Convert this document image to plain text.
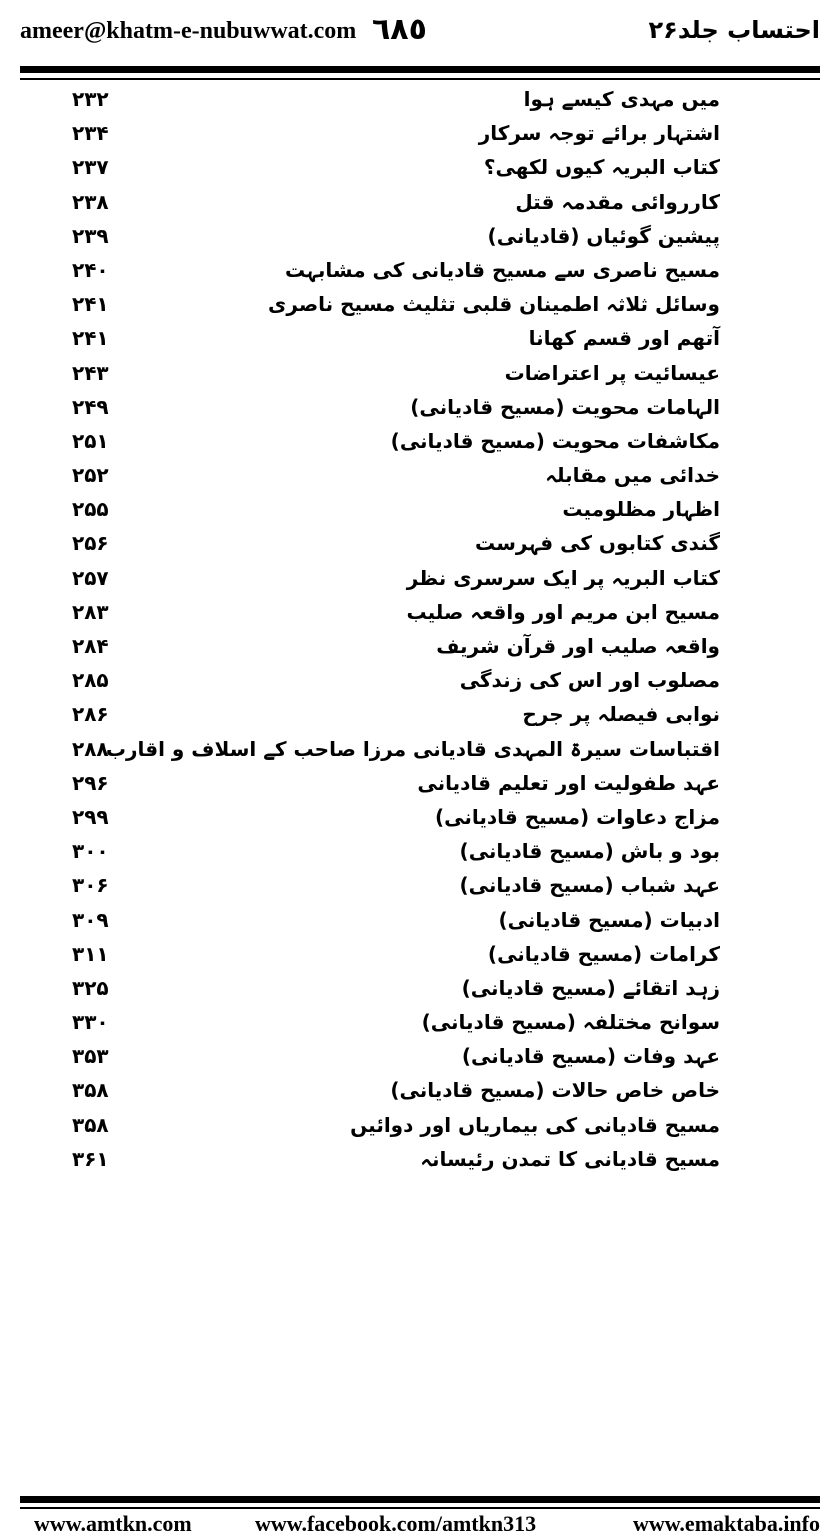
ameer@khatm-e-nubuwwat.com ٦٨٥	احتساب جلد۲۶
میں مہدی کیسے ہوا
۲۳۲
اشتہار برائے توجہ سرکار
۲۳۴
کتاب البریہ کیوں لکھی؟
۲۳۷
کارروائی مقدمہ قتل
۲۳۸
پیشین گوئیاں (قادیانی)
۲۳۹
مسیح ناصری سے مسیح قادیانی کی مشابہت
۲۴۰
وسائل ثلاثہ اطمینان قلبی تثلیث مسیح ناصری
۲۴۱
آتھم اور قسم کھانا
۲۴۱
عیسائیت پر اعتراضات
۲۴۳
الہامات محویت (مسیح قادیانی)
۲۴۹
مکاشفات محویت (مسیح قادیانی)
۲۵۱
خدائی میں مقابلہ
۲۵۲
اظہار مظلومیت
۲۵۵
گندی کتابوں کی فہرست
۲۵۶
کتاب البریہ پر ایک سرسری نظر
۲۵۷
مسیح ابن مریم اور واقعہ صلیب
۲۸۳
واقعہ صلیب اور قرآن شریف
۲۸۴
مصلوب اور اس کی زندگی
۲۸۵
نوابی فیصلہ پر جرح
۲۸۶
اقتباسات سیرۃ المہدی قادیانی مرزا صاحب کے اسلاف و اقارب
۲۸۸
عہد طفولیت اور تعلیم قادیانی
۲۹۶
مزاج دعاوات (مسیح قادیانی)
۲۹۹
بود و باش (مسیح قادیانی)
۳۰۰
عہد شباب (مسیح قادیانی)
۳۰۶
ادبیات (مسیح قادیانی)
۳۰۹
کرامات (مسیح قادیانی)
۳۱۱
زہد اتقائے (مسیح قادیانی)
۳۲۵
سوانح مختلفہ (مسیح قادیانی)
۳۳۰
عہد وفات (مسیح قادیانی)
۳۵۳
خاص خاص حالات (مسیح قادیانی)
۳۵۸
مسیح قادیانی کی بیماریاں اور دوائیں
۳۵۸
مسیح قادیانی کا تمدن رئیسانہ
۳۶۱
www.amtkn.com	www.facebook.com/amtkn313	www.emaktaba.info
